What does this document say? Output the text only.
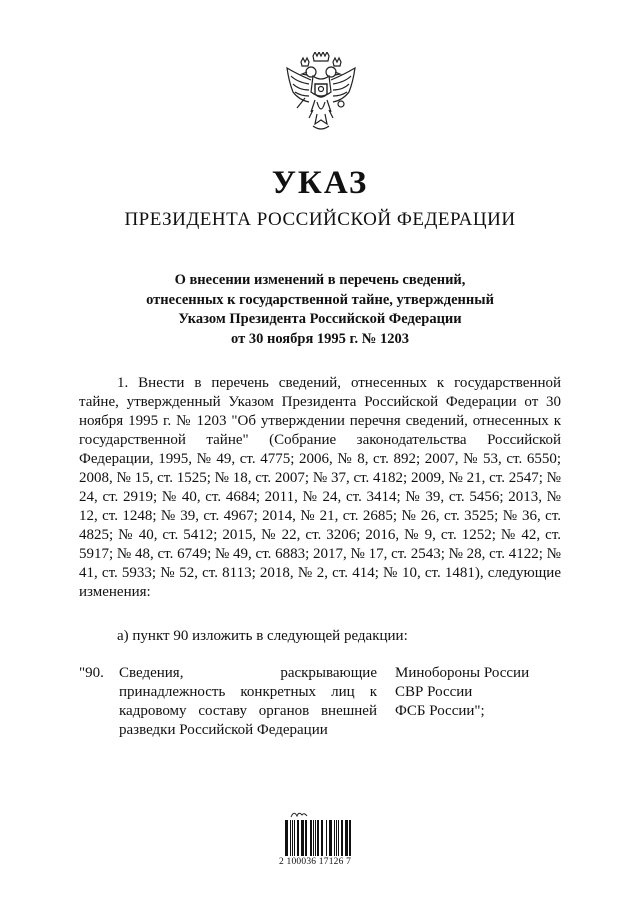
УКАЗ
ПРЕЗИДЕНТА РОССИЙСКОЙ ФЕДЕРАЦИИ
О внесении изменений в перечень сведений,
отнесенных к государственной тайне, утвержденный
Указом Президента Российской Федерации
от 30 ноября 1995 г. № 1203

1. Внести в перечень сведений, отнесенных к государственной тайне, утвержденный Указом Президента Российской Федерации от 30 ноября 1995 г. № 1203 "Об утверждении перечня сведений, отнесенных к государственной тайне" (Собрание законодательства Российской Федерации, 1995, № 49, ст. 4775; 2006, № 8, ст. 892; 2007, № 53, ст. 6550; 2008, № 15, ст. 1525; № 18, ст. 2007; № 37, ст. 4182; 2009, № 21, ст. 2547; № 24, ст. 2919; № 40, ст. 4684; 2011, № 24, ст. 3414; № 39, ст. 5456; 2013, № 12, ст. 1248; № 39, ст. 4967; 2014, № 21, ст. 2685; № 26, ст. 3525; № 36, ст. 4825; № 40, ст. 5412; 2015, № 22, ст. 3206; 2016, № 9, ст. 1252; № 42, ст. 5917; № 48, ст. 6749; № 49, ст. 6883; 2017, № 17, ст. 2543; № 28, ст. 4122; № 41, ст. 5933; № 52, ст. 8113; 2018, № 2, ст. 414; № 10, ст. 1481), следующие изменения:

а) пункт 90 изложить в следующей редакции:
"90.	Сведения, раскрывающие принадлежность конкретных лиц к кадровому составу органов внешней разведки Российской Федерации
Минобороны России
СВР России
ФСБ России";
2 100036 17126 7
